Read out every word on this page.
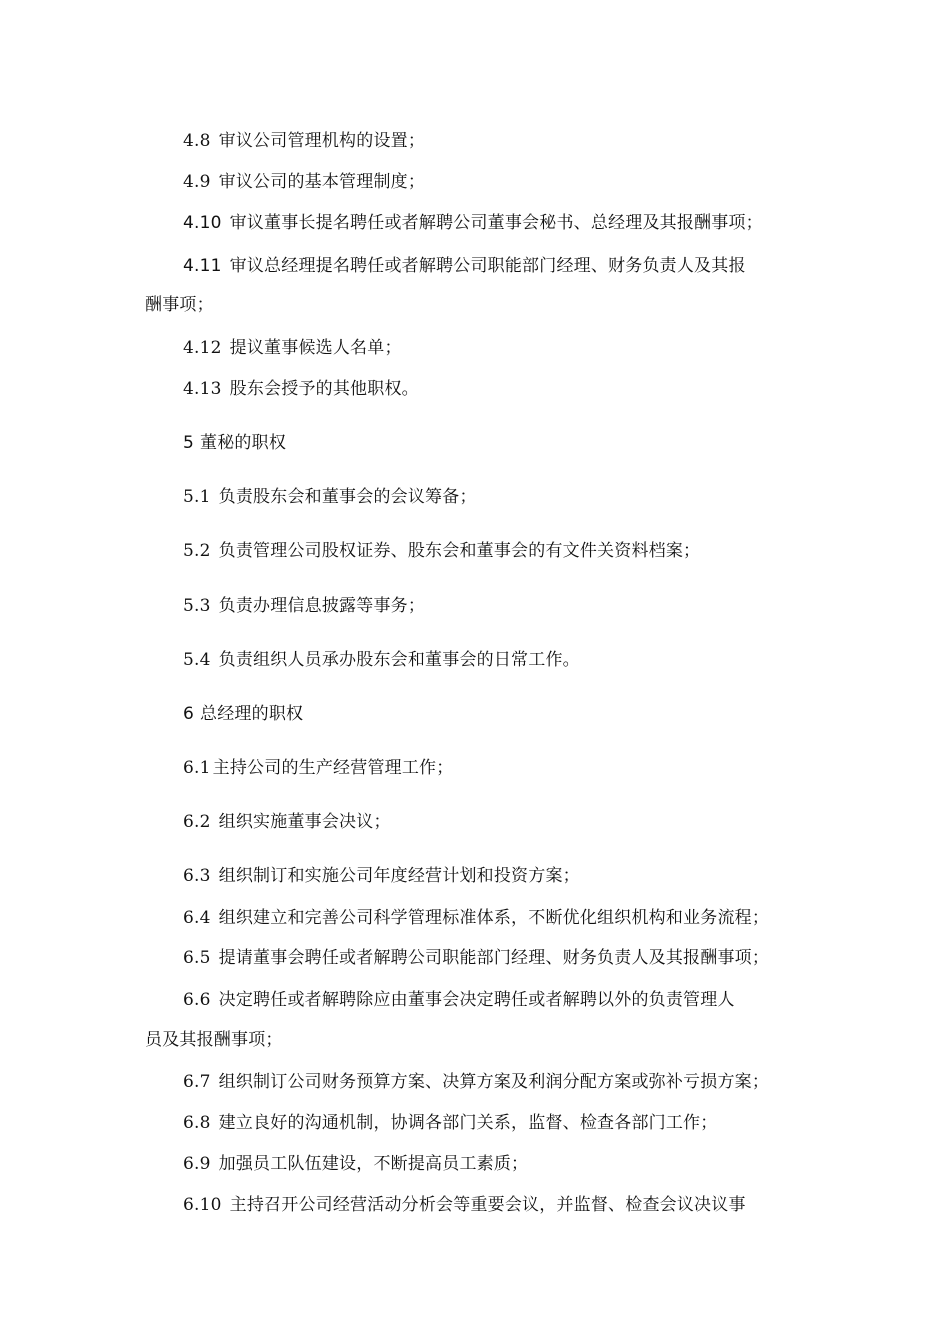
4.8 审议公司管理机构的设置；
4.9 审议公司的基本管理制度；
4.10 审议董事长提名聘任或者解聘公司董事会秘书、总经理及其报酬事项；
4.11 审议总经理提名聘任或者解聘公司职能部门经理、财务负责人及其报
酬事项；
4.12 提议董事候选人名单；
4.13 股东会授予的其他职权。
5 董秘的职权
5.1 负责股东会和董事会的会议筹备；
5.2 负责管理公司股权证券、股东会和董事会的有文件关资料档案；
5.3 负责办理信息披露等事务；
5.4 负责组织人员承办股东会和董事会的日常工作。
6 总经理的职权
6.1 主持公司的生产经营管理工作；
6.2 组织实施董事会决议；
6.3 组织制订和实施公司年度经营计划和投资方案；
6.4 组织建立和完善公司科学管理标准体系，不断优化组织机构和业务流程；
6.5 提请董事会聘任或者解聘公司职能部门经理、财务负责人及其报酬事项；
6.6 决定聘任或者解聘除应由董事会决定聘任或者解聘以外的负责管理人
员及其报酬事项；
6.7 组织制订公司财务预算方案、决算方案及利润分配方案或弥补亏损方案；
6.8 建立良好的沟通机制，协调各部门关系，监督、检查各部门工作；
6.9 加强员工队伍建设，不断提高员工素质；
6.10 主持召开公司经营活动分析会等重要会议，并监督、检查会议决议事
